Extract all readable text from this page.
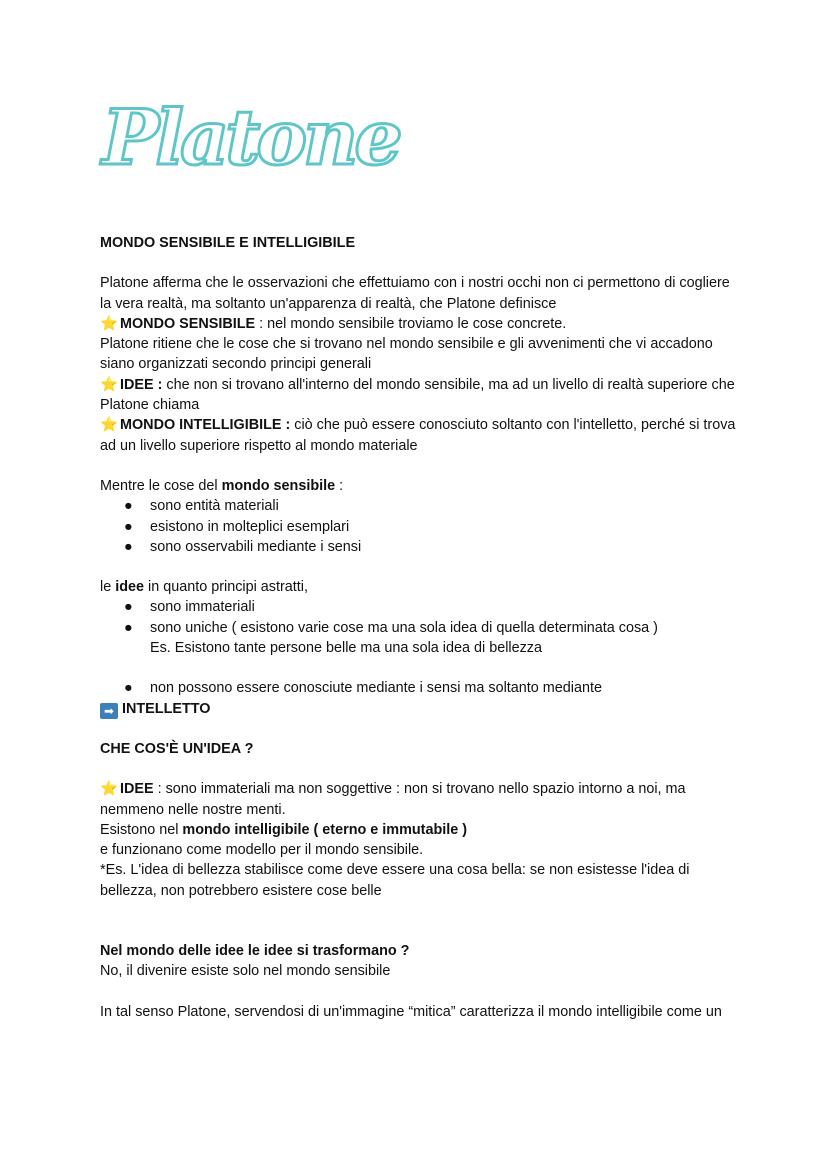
Platone

MONDO SENSIBILE E INTELLIGIBILE

Platone afferma che le osservazioni che effettuiamo con i nostri occhi non ci permettono di cogliere la vera realtà, ma soltanto un'apparenza di realtà, che Platone definisce

⭐ MONDO SENSIBILE : nel mondo sensibile troviamo le cose concrete.

Platone ritiene che le cose che si trovano nel mondo sensibile e gli avvenimenti che vi accadono siano organizzati secondo principi generali

⭐ IDEE : che non si trovano all'interno del mondo sensibile, ma ad un livello di realtà superiore che Platone chiama

⭐ MONDO INTELLIGIBILE : ciò che può essere conosciuto soltanto con l'intelletto, perché si trova ad un livello superiore rispetto al mondo materiale

Mentre le cose del mondo sensibile :

● sono entità materiali
● esistono in molteplici esemplari
● sono osservabili mediante i sensi

le idee in quanto principi astratti,

● sono immateriali
● sono uniche ( esistono varie cose ma una sola idea di quella determinata cosa )

Es. Esistono tante persone belle ma una sola idea di bellezza

● non possono essere conosciute mediante i sensi ma soltanto mediante

➡ INTELLETTO

CHE COS'È UN'IDEA ?

⭐ IDEE : sono immateriali ma non soggettive : non si trovano nello spazio intorno a noi, ma nemmeno nelle nostre menti.

Esistono nel mondo intelligibile ( eterno e immutabile )

e funzionano come modello per il mondo sensibile.

*Es. L'idea di bellezza stabilisce come deve essere una cosa bella: se non esistesse l'idea di bellezza, non potrebbero esistere cose belle

Nel mondo delle idee le idee si trasformano ?

No, il divenire esiste solo nel mondo sensibile

In tal senso Platone, servendosi di un'immagine “mitica” caratterizza il mondo intelligibile come un
